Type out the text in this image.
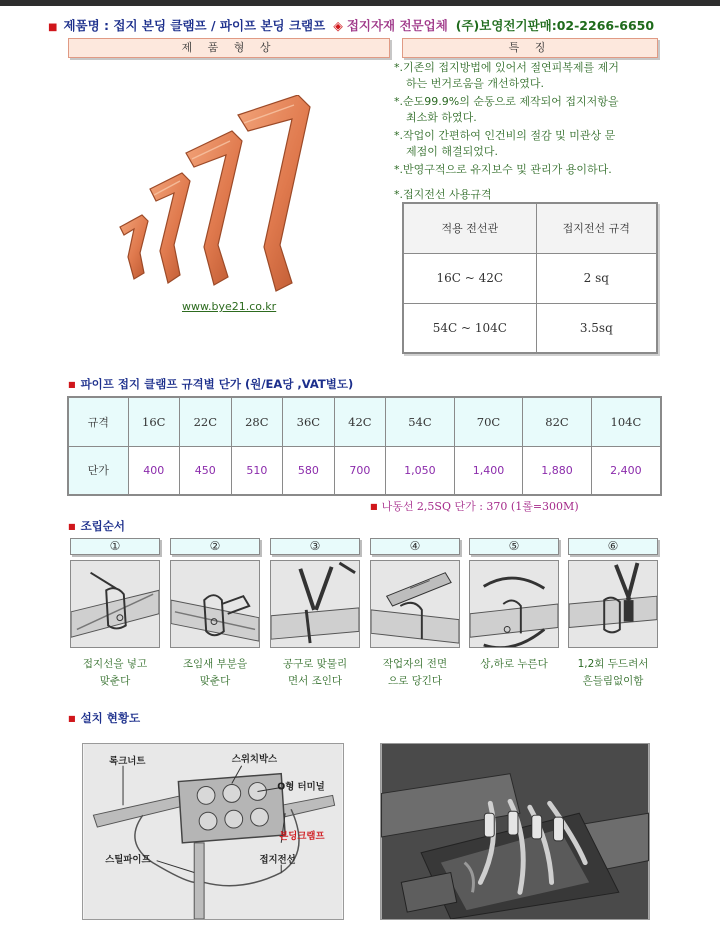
■ 제품명 : 접지 본딩 클램프 / 파이프 본딩 크램프 ◈ 접지자재 전문업체 (주)보영전기판매:02-2266-6650
제 품 형 상	특 징
www.bye21.co.kr
*.기존의 접지방법에 있어서 절연피복제를 제거
하는 번거로움을 개선하였다.
*.순도99.9%의 순동으로 제작되어 접지저항을
최소화 하였다.
*.작업이 간편하여 인건비의 절감 및 미관상 문
제점이 해결되었다.
*.반영구적으로 유지보수 및 관리가 용이하다.
*.접지전선 사용규격
적용 전선관	접지전선 규격
16C ~ 42C	2 sq
54C ~ 104C	3.5sq
■ 파이프 접지 클램프 규격별 단가 (원/EA당 ,VAT별도)
규격	16C	22C	28C	36C	42C	54C	70C	82C	104C
단가	400	450	510	580	700	1,050	1,400	1,880	2,400
■ 나동선 2,5SQ 단가 : 370 (1롤=300M)
■ 조립순서
①
접지선을 넣고
맞춘다
②
조임새 부분을
맞춘다
③
공구로 맞물리
면서 조인다
④
작업자의 전면
으로 당긴다
⑤
상,하로 누른다
⑥
1,2회 두드려서
흔들림없이함
■ 설치 현황도
록크너트	스위치박스
O형 터미널
본딩크램프
스틸파이프	접지전선
